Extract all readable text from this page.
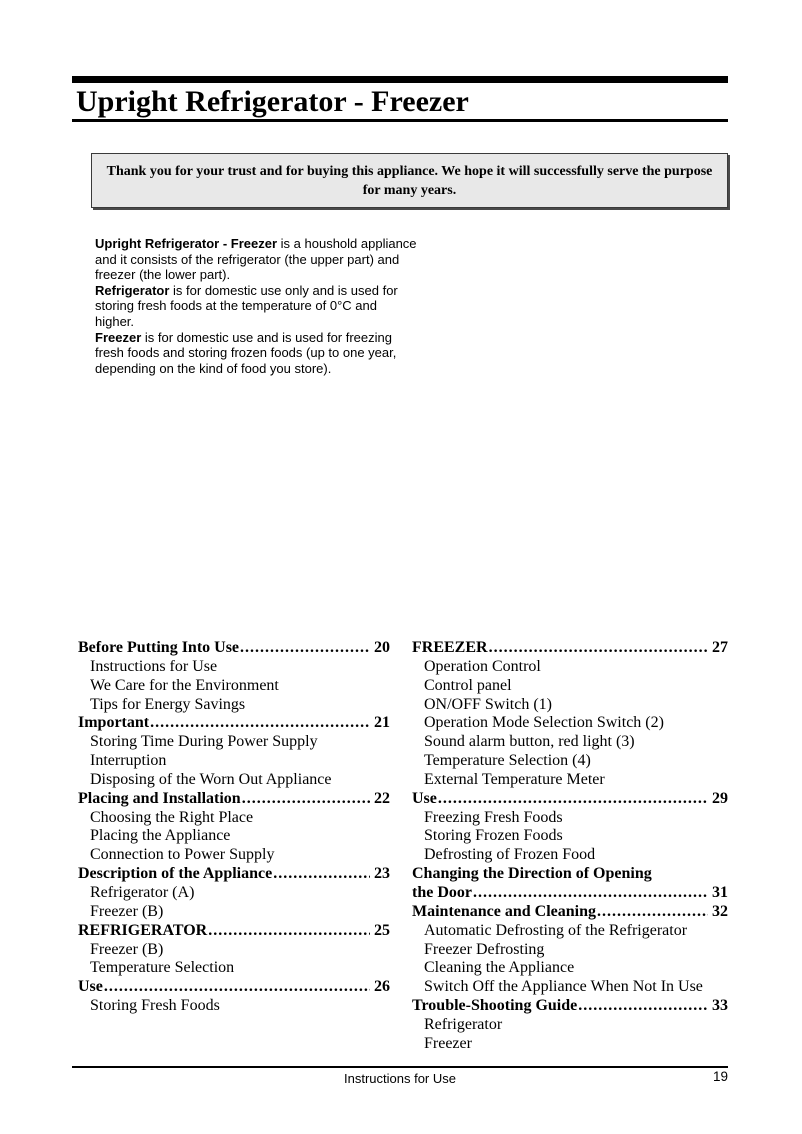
Upright Refrigerator - Freezer
Thank you for your trust and for buying this appliance. We hope it will successfully serve the purpose for many years.
Upright Refrigerator - Freezer is a houshold appliance and it consists of the refrigerator (the upper part) and freezer (the lower part).
Refrigerator is for domestic use only and is used for storing fresh foods at the temperature of 0°C and higher.
Freezer is for domestic use and is used for freezing fresh foods and storing frozen foods (up to one year, depending on the kind of food you store).
Before Putting Into Use .....	20
Instructions for Use
We Care for the Environment
Tips for Energy Savings
Important .....	21
Storing Time During Power Supply
Interruption
Disposing of the Worn Out Appliance
Placing and Installation .....	22
Choosing the Right Place
Placing the Appliance
Connection to Power Supply
Description of the Appliance .....	23
Refrigerator (A)
Freezer (B)
REFRIGERATOR .....	25
Freezer (B)
Temperature Selection
Use .....	26
Storing Fresh Foods
FREEZER .....	27
Operation Control
Control panel
ON/OFF Switch (1)
Operation Mode Selection Switch (2)
Sound alarm button, red light (3)
Temperature Selection (4)
External Temperature Meter
Use .....	29
Freezing Fresh Foods
Storing Frozen Foods
Defrosting of Frozen Food
Changing the Direction of Opening
the Door .....	31
Maintenance and Cleaning .....	32
Automatic Defrosting of the Refrigerator
Freezer Defrosting
Cleaning the Appliance
Switch Off the Appliance When Not In Use
Trouble-Shooting Guide .....	33
Refrigerator
Freezer
Instructions for Use	19
